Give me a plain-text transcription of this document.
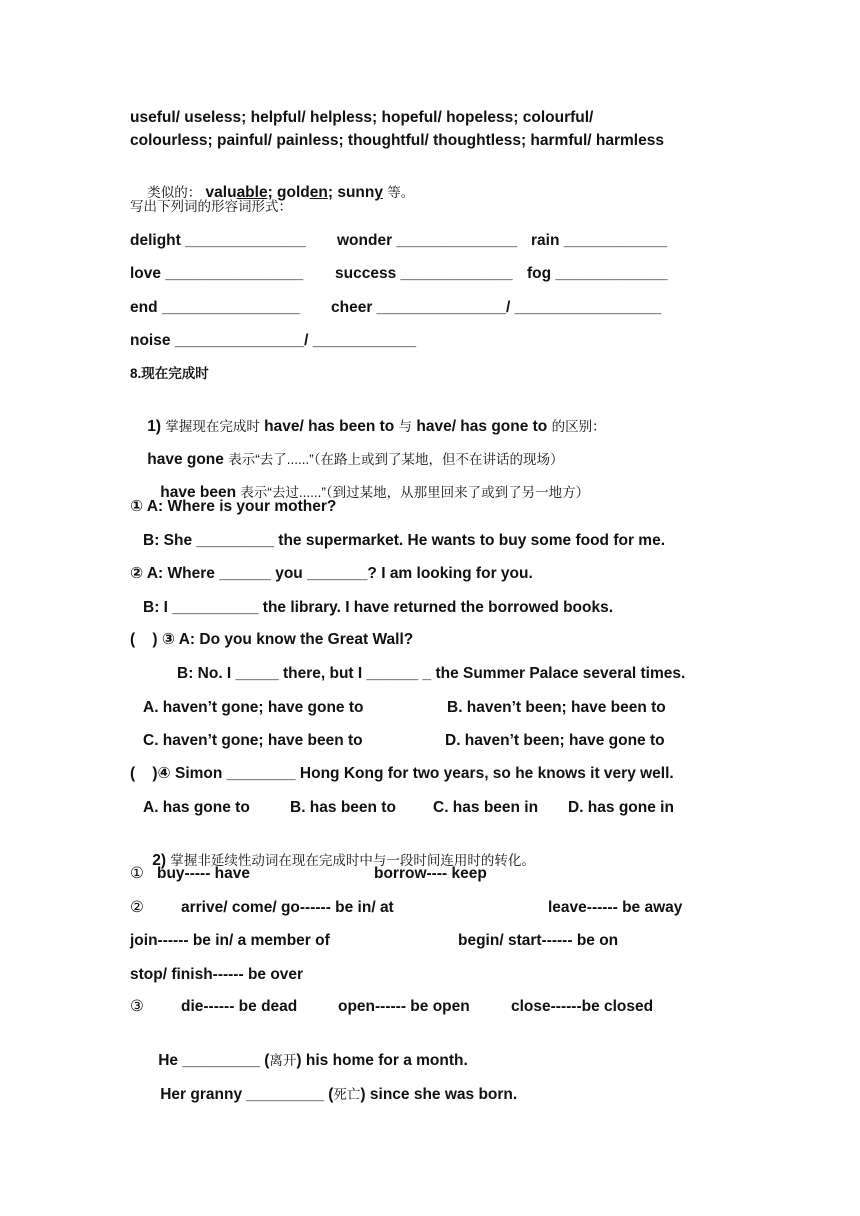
useful/ useless; helpful/ helpless; hopeful/ hopeless; colourful/
colourless; painful/ painless; thoughtful/ thoughtless; harmful/ harmless

类似的： valuable; golden; sunny 等。

写出下列词的形容词形式：
delight ______________ wonder ______________ rain ____________
love ________________ success _____________ fog _____________
end ________________ cheer _______________/ _________________
noise _______________/ ____________
8.现在完成时

1) 掌握现在完成时 have/ has been to 与 have/ has gone to 的区别：

have gone 表示“去了......”（在路上或到了某地，但不在讲话的现场）

have been 表示“去过......”（到过某地，从那里回来了或到了另一地方）

① A: Where is your mother?
B: She _________ the supermarket. He wants to buy some food for me.
② A: Where ______ you _______? I am looking for you.
B: I __________ the library. I have returned the borrowed books.
(    ) ③ A: Do you know the Great Wall?
B: No. I _____ there, but I ______ _ the Summer Palace several times.
A. haven’t gone; have gone to	B. haven’t been; have been to
C. haven’t gone; have been to	D. haven’t been; have gone to
(    )④ Simon ________ Hong Kong for two years, so he knows it very well.
A. has gone to	B. has been to C. has been in D. has gone in

2) 掌握非延续性动词在现在完成时中与一段时间连用时的转化。

① buy----- have	borrow---- keep
② arrive/ come/ go------ be in/ at	leave------ be away
join------ be in/ a member of	begin/ start------ be on
stop/ finish------ be over
③ die------ be dead	open------ be open	close------be closed

He _________ (离开) his home for a month.

Her granny _________ (死亡) since she was born.
